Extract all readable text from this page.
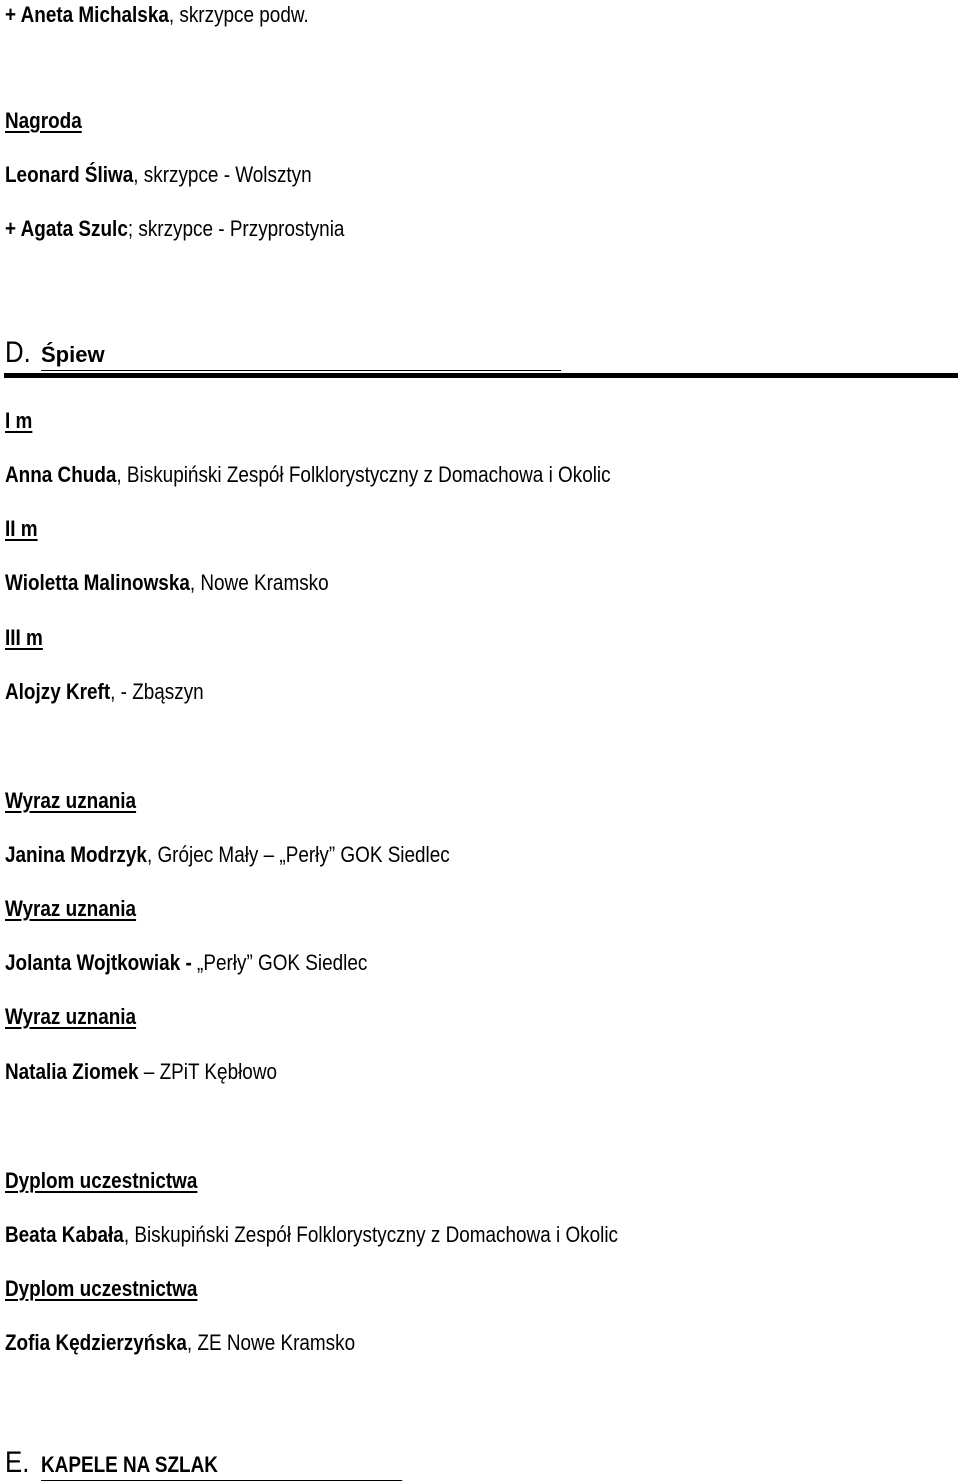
+ Aneta Michalska, skrzypce podw.
Nagroda
Leonard Śliwa, skrzypce - Wolsztyn
+ Agata Szulc; skrzypce - Przyprostynia
D. Śpiew
I m
Anna Chuda, Biskupiński Zespół Folklorystyczny z Domachowa i Okolic
II m
Wioletta Malinowska, Nowe Kramsko
III m
Alojzy Kreft, - Zbąszyn
Wyraz uznania
Janina Modrzyk, Grójec Mały – „Perły” GOK Siedlec
Wyraz uznania
Jolanta Wojtkowiak - „Perły” GOK Siedlec
Wyraz uznania
Natalia Ziomek – ZPiT Kębłowo
Dyplom uczestnictwa
Beata Kabała, Biskupiński Zespół Folklorystyczny z Domachowa i Okolic
Dyplom uczestnictwa
Zofia Kędzierzyńska, ZE Nowe Kramsko
E. KAPELE NA SZLAK
